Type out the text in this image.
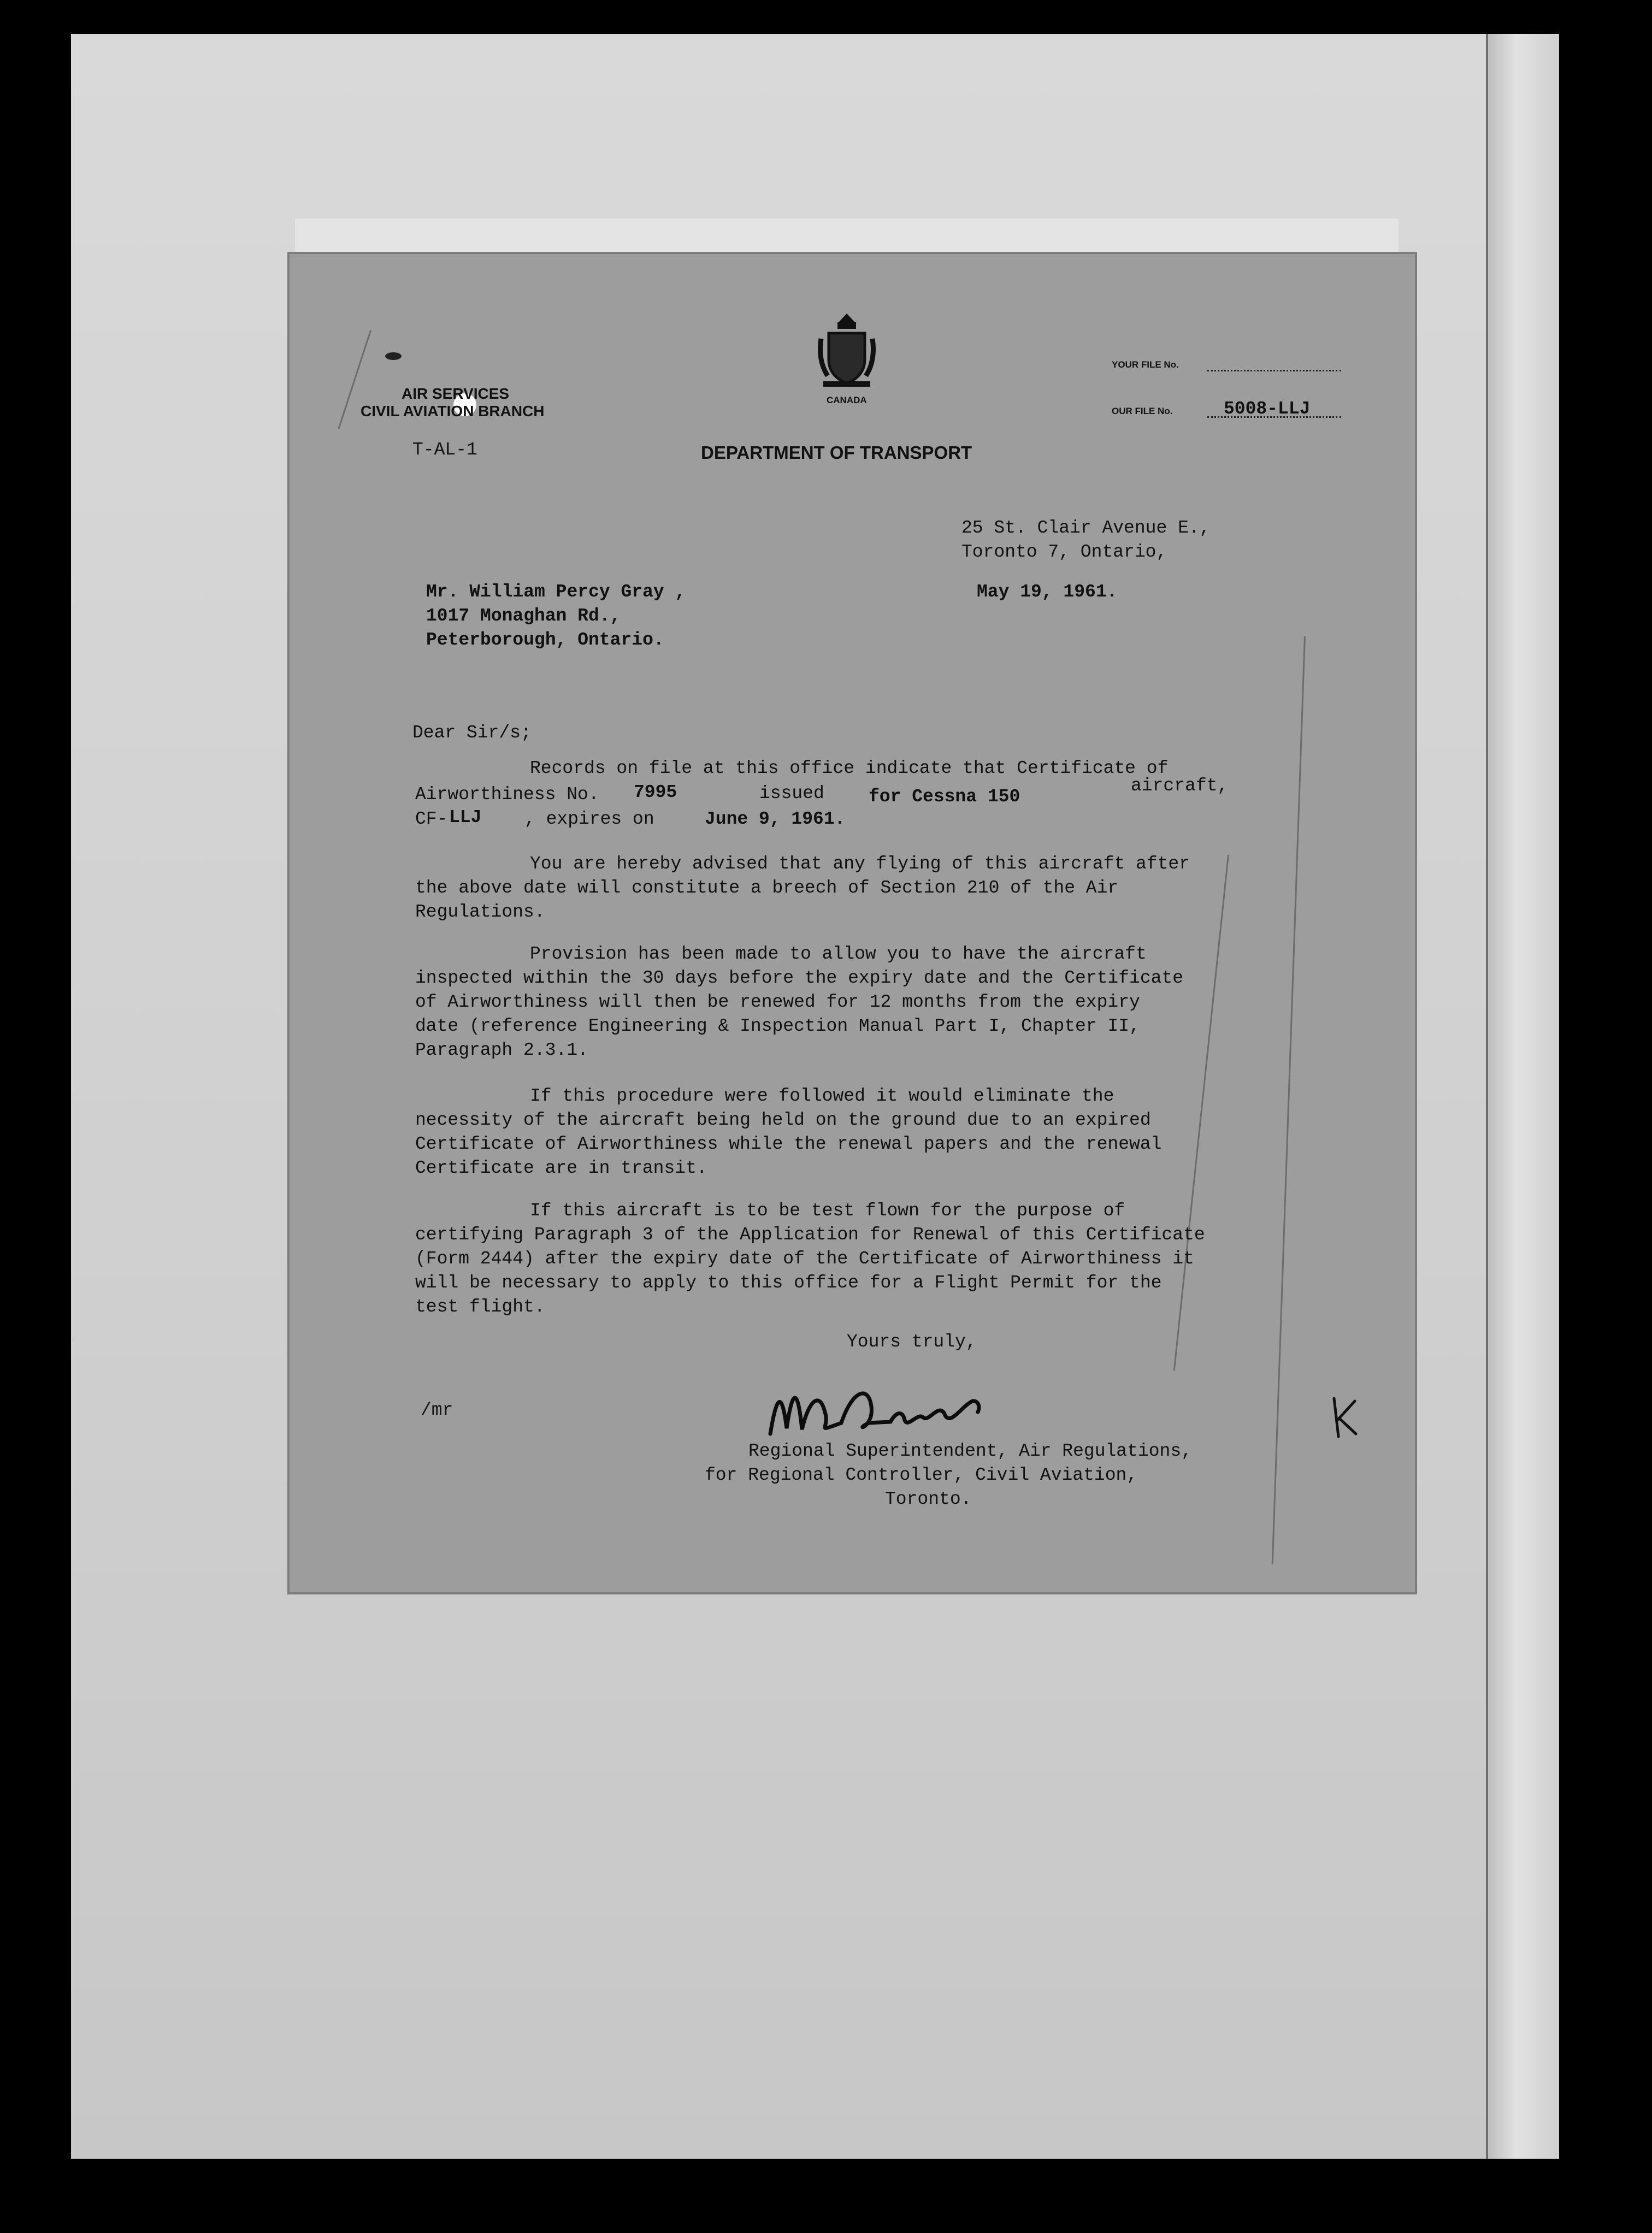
AIR SERVICES
CIVIL AVIATION BRANCH
T-AL-1
CANADA
DEPARTMENT OF TRANSPORT
YOUR FILE No.
OUR FILE No.	5008-LLJ
25 St. Clair Avenue E.,
Toronto 7, Ontario,
May 19, 1961.
Mr. William Percy Gray ,
1017 Monaghan Rd.,
Peterborough, Ontario.
Dear Sir/s;
Records on file at this office indicate that Certificate of
Airworthiness No. 7995	issued for Cessna 150
aircraft,
CF- LLJ , expires on	June 9, 1961.
You are hereby advised that any flying of this aircraft after
the above date will constitute a breech of Section 210 of the Air
Regulations.
Provision has been made to allow you to have the aircraft
inspected within the 30 days before the expiry date and the Certificate
of Airworthiness will then be renewed for 12 months from the expiry
date (reference Engineering & Inspection Manual Part I, Chapter II,
Paragraph 2.3.1.
If this procedure were followed it would eliminate the
necessity of the aircraft being held on the ground due to an expired
Certificate of Airworthiness while the renewal papers and the renewal
Certificate are in transit.
If this aircraft is to be test flown for the purpose of
certifying Paragraph 3 of the Application for Renewal of this Certificate
(Form 2444) after the expiry date of the Certificate of Airworthiness it
will be necessary to apply to this office for a Flight Permit for the
test flight.
Yours truly,
/mr
Regional Superintendent, Air Regulations,
for Regional Controller, Civil Aviation,
Toronto.
